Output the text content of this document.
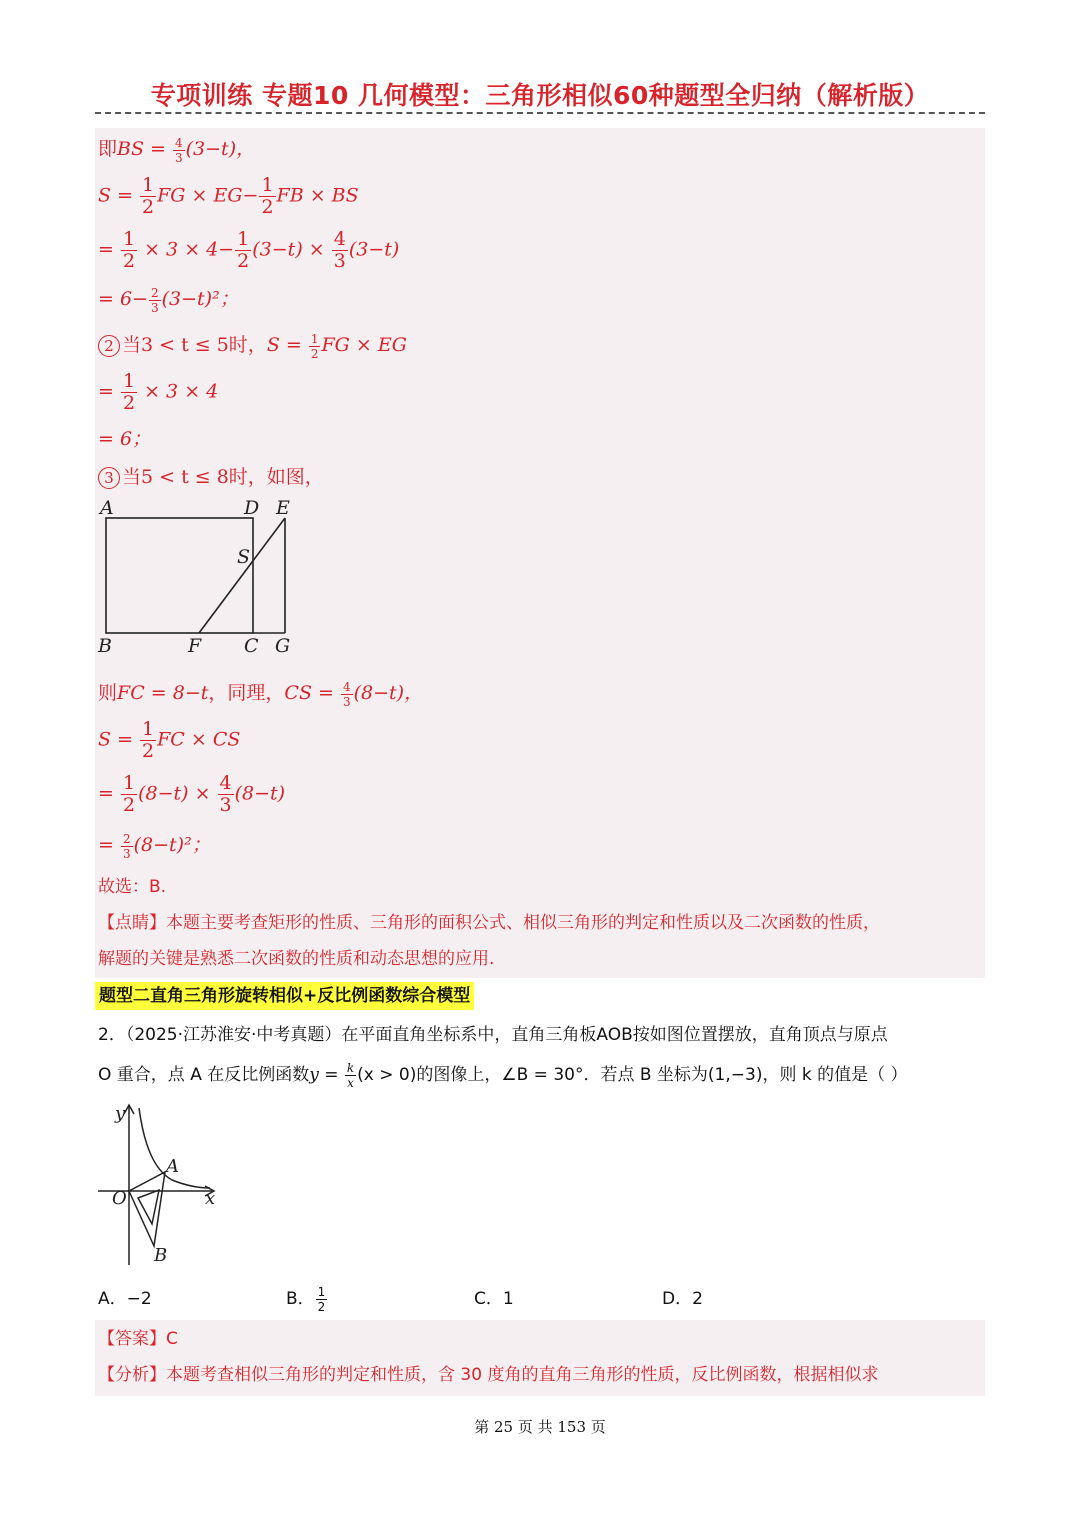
专项训练 专题10 几何模型：三角形相似60种题型全归纳（解析版）
即BS = $\frac{4}{3} (3-t)$，
$S = \frac{1}{2}$ FG × $EG- \frac{1}{2}$ FB × BS
= $\frac{1}{2} \times 3 \times 4- \frac{1}{2} (3-t) \times \frac{4}{3} (3-t)$
= $6- \frac{2}{3} (3-t)^2$；
2 当3 < t ≤ 5时，$S = \frac{1}{2}$ FG × EG
= $\frac{1}{2} \times 3 \times 4$
= 6；
3 当5 < t ≤ 8时，如图，
A	D E
S
B	F C G
则FC = 8−t，同理，CS = $\frac{4}{3} (8-t)$，
$S = \frac{1}{2}$ FC × CS
= $\frac{1}{2} (8-t) \times \frac{4}{3} (8-t)$
= $\frac{2}{3} (8-t)^2$；
故选：B.
【点睛】本题主要考查矩形的性质、三角形的面积公式、相似三角形的判定和性质以及二次函数的性质，
解题的关键是熟悉二次函数的性质和动态思想的应用.
题型二直角三角形旋转相似+反比例函数综合模型
2．（2025·江苏淮安·中考真题）在平面直角坐标系中，直角三角板AOB按如图位置摆放，直角顶点与原点
O 重合，点 A 在反比例函数$y = \frac{k}{x} (x > 0)$的图像上，∠B = 30°．若点 B 坐标为(1,−3)，则 k 的值是（ ）
y
x
O
A
B
A．−2	B． $\frac{1}{2}$	C．1	D．2
【答案】C
【分析】本题考查相似三角形的判定和性质，含 30 度角的直角三角形的性质，反比例函数，根据相似求
第 25 页 共 153 页
